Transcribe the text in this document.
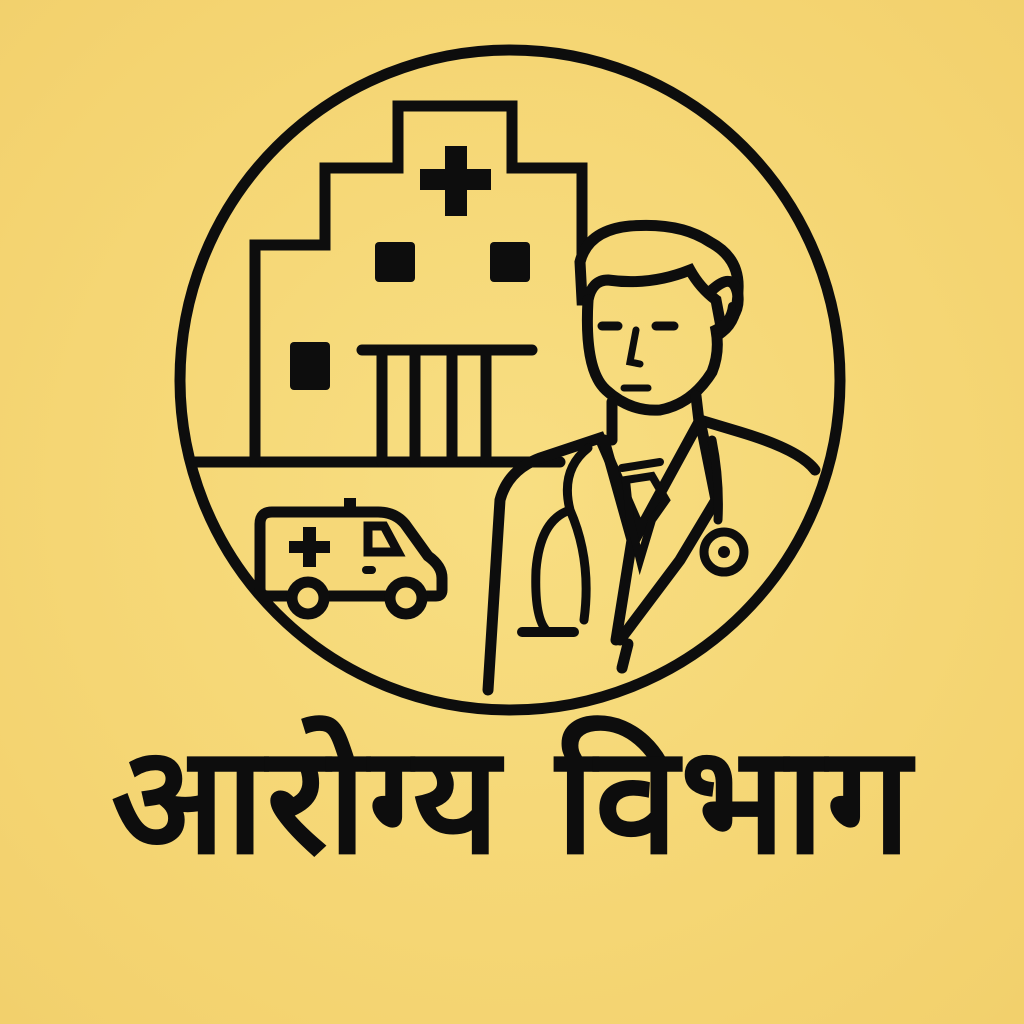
आरोग्य विभाग
